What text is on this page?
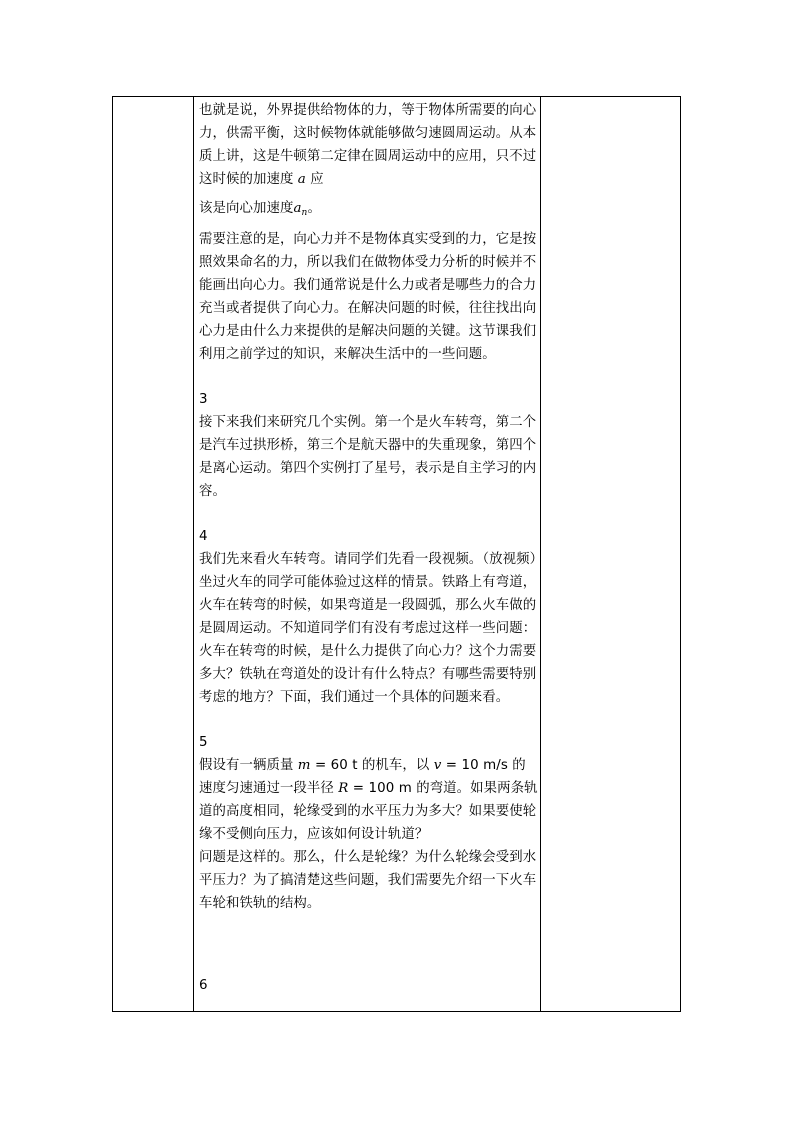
也就是说，外界提供给物体的力，等于物体所需要的向心力，供需平衡，这时候物体就能够做匀速圆周运动。从本质上讲，这是牛顿第二定律在圆周运动中的应用，只不过这时候的加速度 a 应

该是向心加速度$a_n$。

需要注意的是，向心力并不是物体真实受到的力，它是按照效果命名的力，所以我们在做物体受力分析的时候并不能画出向心力。我们通常说是什么力或者是哪些力的合力充当或者提供了向心力。在解决问题的时候，往往找出向心力是由什么力来提供的是解决问题的关键。这节课我们利用之前学过的知识，来解决生活中的一些问题。

3

接下来我们来研究几个实例。第一个是火车转弯，第二个是汽车过拱形桥，第三个是航天器中的失重现象，第四个是离心运动。第四个实例打了星号，表示是自主学习的内容。

4

我们先来看火车转弯。请同学们先看一段视频。（放视频）坐过火车的同学可能体验过这样的情景。铁路上有弯道，火车在转弯的时候，如果弯道是一段圆弧，那么火车做的是圆周运动。不知道同学们有没有考虑过这样一些问题：火车在转弯的时候，是什么力提供了向心力？这个力需要多大？铁轨在弯道处的设计有什么特点？有哪些需要特别考虑的地方？下面，我们通过一个具体的问题来看。

5

假设有一辆质量 m = 60 t 的机车，以 v = 10 m/s 的速度匀速通过一段半径 R = 100 m 的弯道。如果两条轨道的高度相同，轮缘受到的水平压力为多大？如果要使轮缘不受侧向压力，应该如何设计轨道？

问题是这样的。那么，什么是轮缘？为什么轮缘会受到水平压力？为了搞清楚这些问题，我们需要先介绍一下火车车轮和铁轨的结构。

6
